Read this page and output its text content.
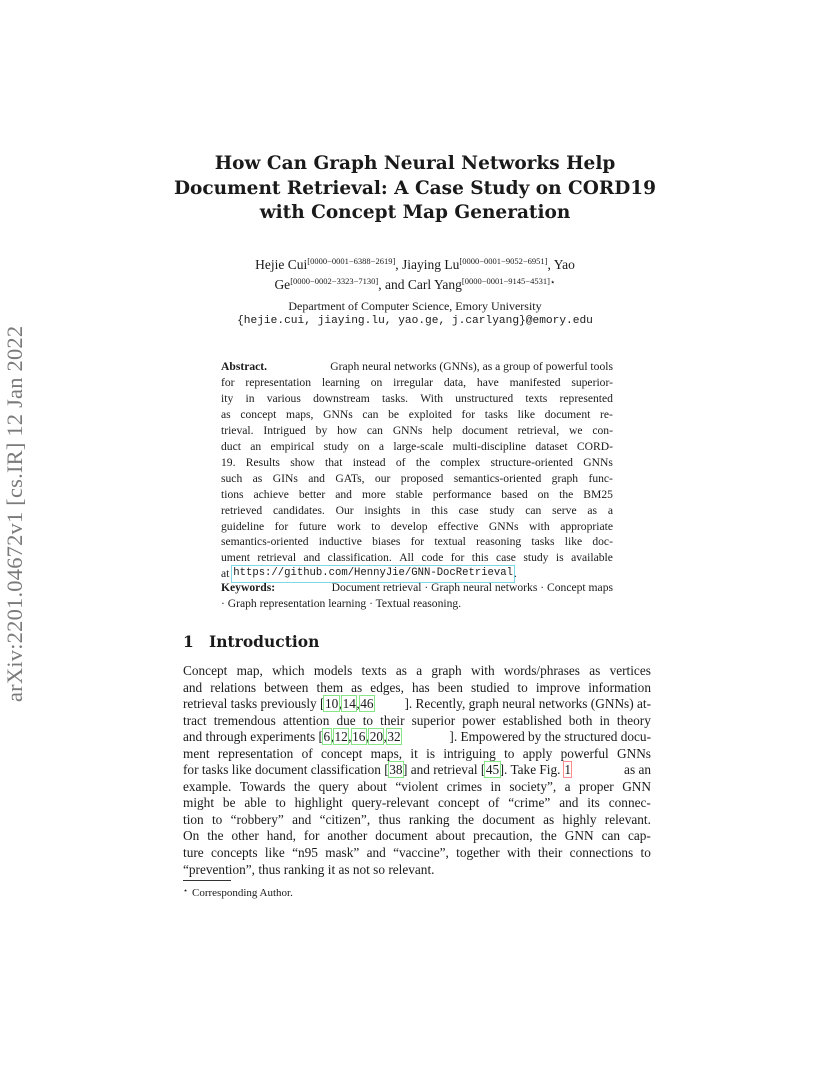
arXiv:2201.04672v1 [cs.IR] 12 Jan 2022
How Can Graph Neural Networks Help
Document Retrieval: A Case Study on CORD19
with Concept Map Generation
Hejie Cui[0000−0001−6388−2619], Jiaying Lu[0000−0001−9052−6951], Yao
Ge[0000−0002−3323−7130], and Carl Yang$^{[0000-0001-9145-4531]⋆}$
Department of Computer Science, Emory University
{hejie.cui, jiaying.lu, yao.ge, j.carlyang}@emory.edu
Abstract.	Graph neural networks (GNNs), as a group of powerful tools
for representation learning on irregular data, have manifested superior-
ity in various downstream tasks. With unstructured texts represented
as concept maps, GNNs can be exploited for tasks like document re-
trieval. Intrigued by how can GNNs help document retrieval, we con-
duct an empirical study on a large-scale multi-discipline dataset CORD-
19. Results show that instead of the complex structure-oriented GNNs
such as GINs and GATs, our proposed semantics-oriented graph func-
tions achieve better and more stable performance based on the BM25
retrieved candidates. Our insights in this case study can serve as a
guideline for future work to develop effective GNNs with appropriate
semantics-oriented inductive biases for textual reasoning tasks like doc-
ument retrieval and classification. All code for this case study is available
at https://github.com/HennyJie/GNN-DocRetrieval .
Keywords:	Document retrieval · Graph neural networks · Concept maps
· Graph representation learning · Textual reasoning.
1 Introduction
Concept map, which models texts as a graph with words/phrases as vertices
and relations between them as edges, has been studied to improve information
retrieval tasks previously [10,14,46 ]. Recently, graph neural networks (GNNs) at-
tract tremendous attention due to their superior power established both in theory
and through experiments [6,12,16,20,32	]. Empowered by the structured docu-
ment representation of concept maps, it is intriguing to apply powerful GNNs
for tasks like document classification [38] and retrieval [45]. Take Fig. 1	as an
example. Towards the query about “violent crimes in society”, a proper GNN
might be able to highlight query-relevant concept of “crime” and its connec-
tion to “robbery” and “citizen”, thus ranking the document as highly relevant.
On the other hand, for another document about precaution, the GNN can cap-
ture concepts like “n95 mask” and “vaccine”, together with their connections to
“prevention”, thus ranking it as not so relevant.
⋆ Corresponding Author.
